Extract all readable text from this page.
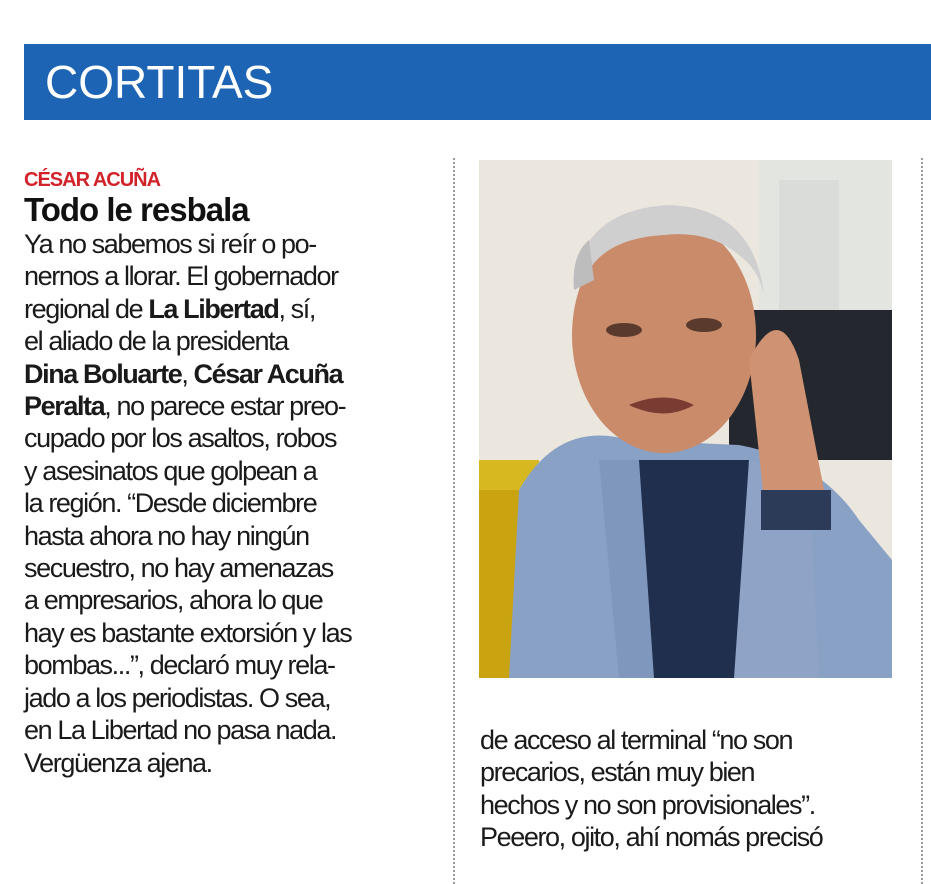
CORTITAS
CÉSAR ACUÑA
Todo le resbala
Ya no sabemos si reír o po-
nernos a llorar. El gobernador
regional de La Libertad, sí,
el aliado de la presidenta
Dina Boluarte, César Acuña
Peralta, no parece estar preo-
cupado por los asaltos, robos
y asesinatos que golpean a
la región. “Desde diciembre
hasta ahora no hay ningún
secuestro, no hay amenazas
a empresarios, ahora lo que
hay es bastante extorsión y las
bombas...”, declaró muy rela-
jado a los periodistas. O sea,
en La Libertad no pasa nada.
Vergüenza ajena.
de acceso al terminal “no son
precarios, están muy bien
hechos y no son provisionales”.
Peeero, ojito, ahí nomás precisó
